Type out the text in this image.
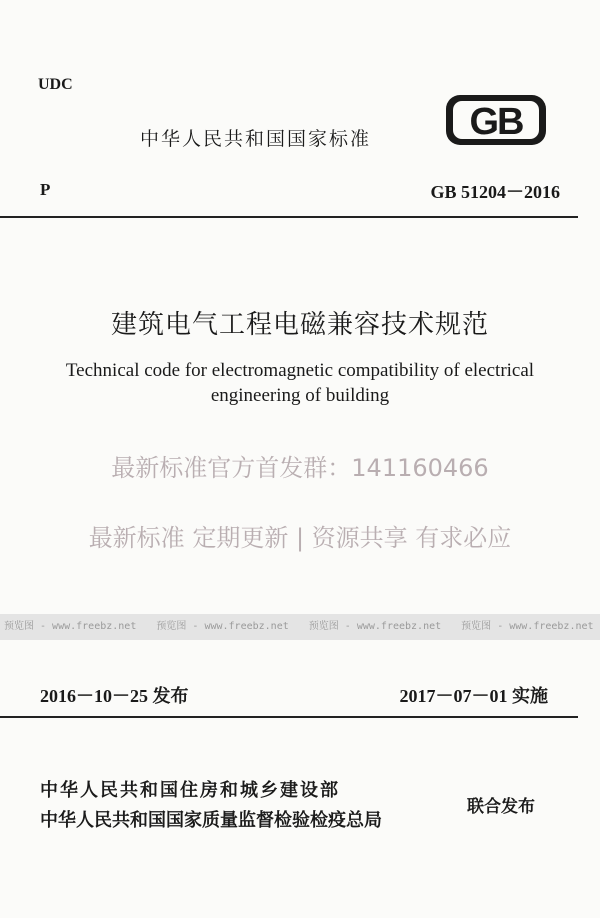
UDC
中华人民共和国国家标准	GB
P	GB 51204－2016
建筑电气工程电磁兼容技术规范
Technical code for electromagnetic compatibility of electrical
engineering of building
最新标准官方首发群：141160466
最新标准 定期更新 | 资源共享 有求必应
预览图 - www.freebz.net 预览图 - www.freebz.net 预览图 - www.freebz.net 预览图 - www.freebz.net
2016－10－25 发布	2017－07－01 实施
中华人民共和国住房和城乡建设部
中华人民共和国国家质量监督检验检疫总局
联合发布
